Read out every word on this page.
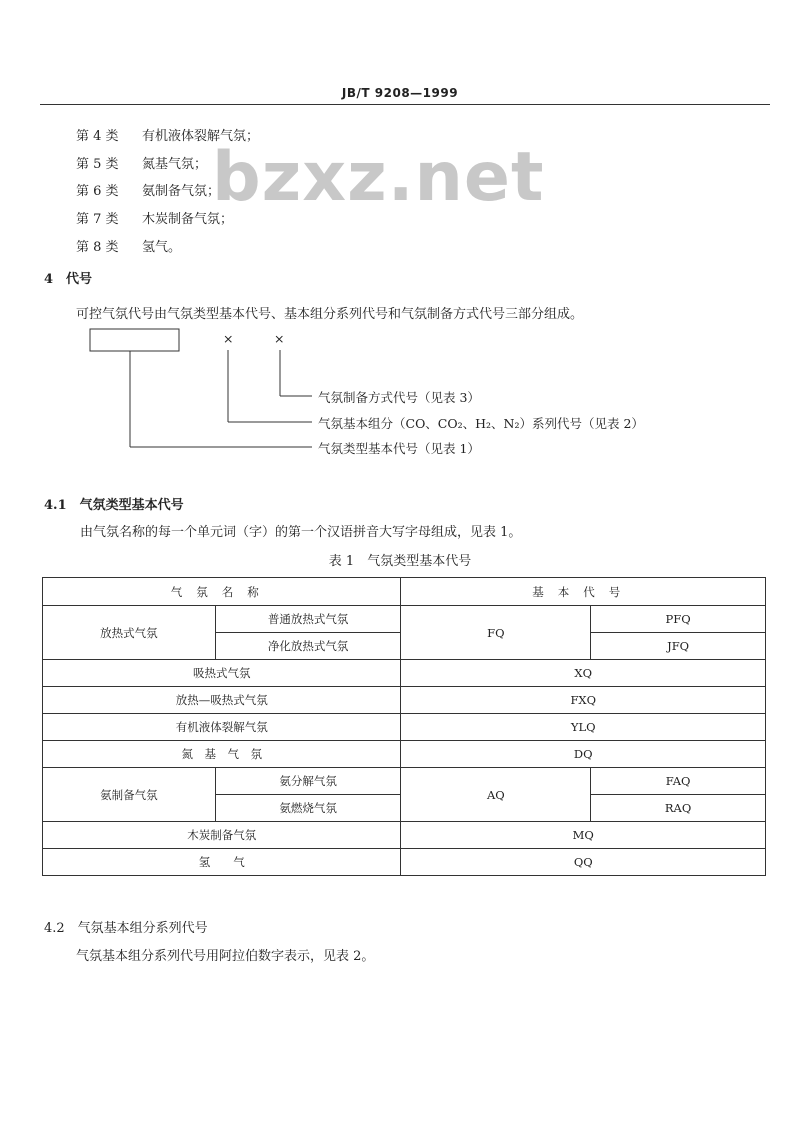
JB/T 9208—1999
bzxz.net
第 4 类 有机液体裂解气氛；
第 5 类 氮基气氛；
第 6 类 氨制备气氛；
第 7 类 木炭制备气氛；
第 8 类 氢气。
4　代号
可控气氛代号由气氛类型基本代号、基本组分系列代号和气氛制备方式代号三部分组成。
×	×
气氛制备方式代号（见表 3）
气氛基本组分（CO、CO₂、H₂、N₂）系列代号（见表 2）
气氛类型基本代号（见表 1）
4.1　气氛类型基本代号
由气氛名称的每一个单元词（字）的第一个汉语拼音大写字母组成，见表 1。
表 1　气氛类型基本代号
气氛名称		基本代号	
放热式气氛	普通放热式气氛	FQ	PFQ
	净化放热式气氛		JFQ
吸热式气氛		XQ	
放热—吸热式气氛		FXQ	
有机液体裂解气氛		YLQ	
氮　基　气　氛		DQ	
氨制备气氛	氨分解气氛	AQ	FAQ
	氨燃烧气氛		RAQ
木炭制备气氛		MQ	
氢　　气		QQ	
4.2　气氛基本组分系列代号
气氛基本组分系列代号用阿拉伯数字表示，见表 2。
